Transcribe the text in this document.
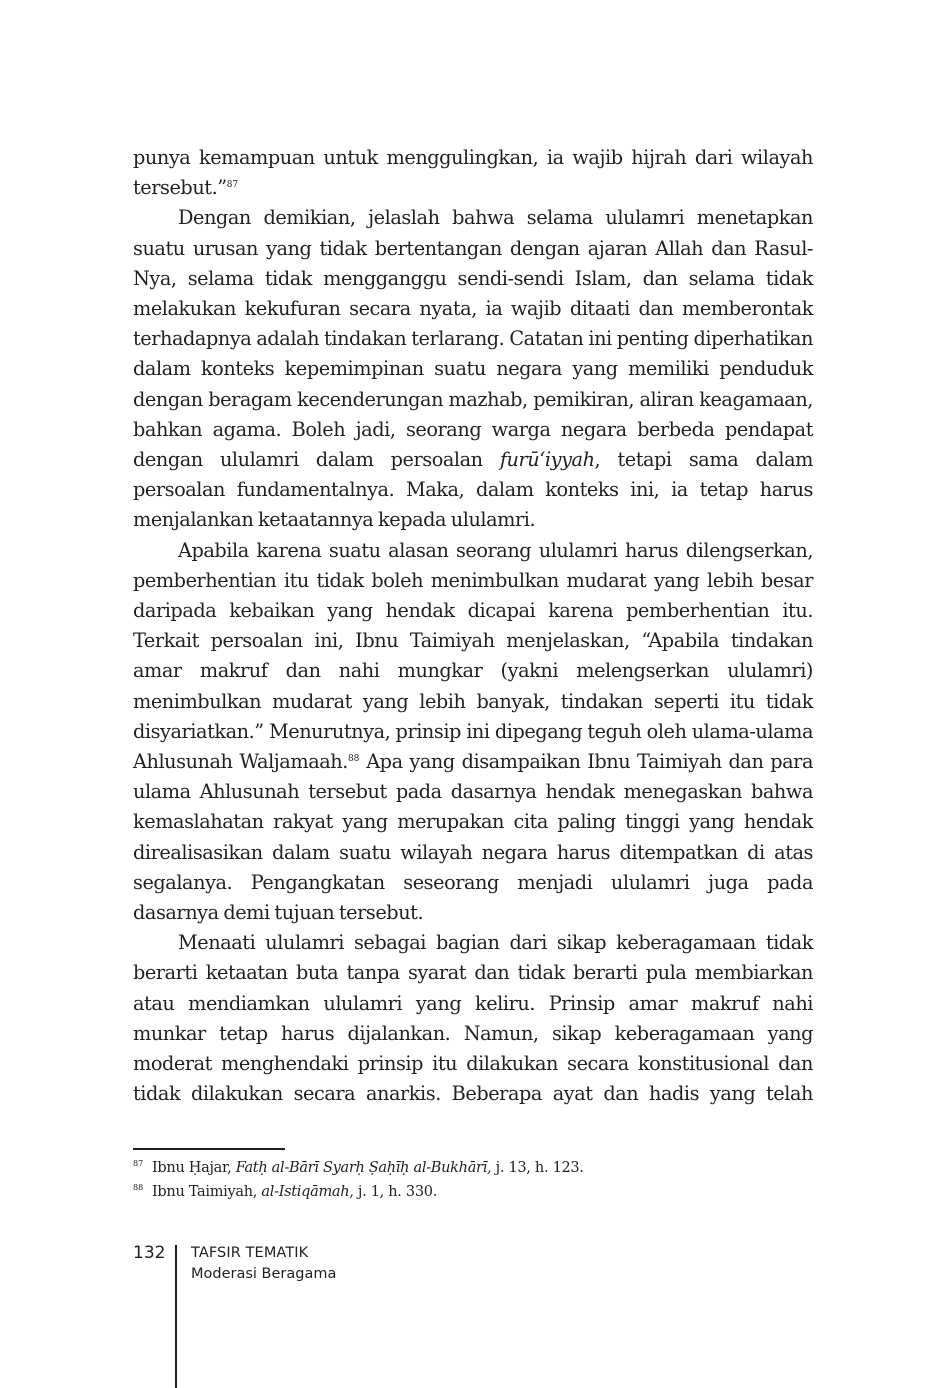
punya kemampuan untuk menggulingkan, ia wajib hijrah dari wilayah tersebut.”$^{87}$

Dengan demikian, jelaslah bahwa selama ululamri menetapkan suatu urusan yang tidak bertentangan dengan ajaran Allah dan Rasul-Nya, selama tidak mengganggu sendi-sendi Islam, dan selama tidak melakukan kekufuran secara nyata, ia wajib ditaati dan memberontak terhadapnya adalah tindakan terlarang. Catatan ini penting diperhatikan dalam konteks kepemimpinan suatu negara yang memiliki penduduk dengan beragam kecenderungan mazhab, pemikiran, aliran keagamaan, bahkan agama. Boleh jadi, seorang warga negara berbeda pendapat dengan ululamri dalam persoalan furū‘iyyah, tetapi sama dalam persoalan fundamentalnya. Maka, dalam konteks ini, ia tetap harus menjalankan ketaatannya kepada ululamri.

Apabila karena suatu alasan seorang ululamri harus dilengserkan, pemberhentian itu tidak boleh menimbulkan mudarat yang lebih besar daripada kebaikan yang hendak dicapai karena pemberhentian itu. Terkait persoalan ini, Ibnu Taimiyah menjelaskan, “Apabila tindakan amar makruf dan nahi mungkar (yakni melengserkan ululamri) menimbulkan mudarat yang lebih banyak, tindakan seperti itu tidak disyariatkan.” Menurutnya, prinsip ini dipegang teguh oleh ulama-ulama Ahlusunah Waljamaah.$^{88}$ Apa yang disampaikan Ibnu Taimiyah dan para ulama Ahlusunah tersebut pada dasarnya hendak menegaskan bahwa kemaslahatan rakyat yang merupakan cita paling tinggi yang hendak direalisasikan dalam suatu wilayah negara harus ditempatkan di atas segalanya. Pengangkatan seseorang menjadi ululamri juga pada dasarnya demi tujuan tersebut.

Menaati ululamri sebagai bagian dari sikap keberagamaan tidak berarti ketaatan buta tanpa syarat dan tidak berarti pula membiarkan atau mendiamkan ululamri yang keliru. Prinsip amar makruf nahi munkar tetap harus dijalankan. Namun, sikap keberagamaan yang moderat menghendaki prinsip itu dilakukan secara konstitusional dan tidak dilakukan secara anarkis. Beberapa ayat dan hadis yang telah

$^{87}$ Ibnu Ḥajar, Fatḥ al-Bārī Syarḥ Ṣaḥīḥ al-Bukhārī, j. 13, h. 123.
$^{88}$ Ibnu Taimiyah, al-Istiqāmah, j. 1, h. 330.
132 TAFSIR TEMATIK
Moderasi Beragama
